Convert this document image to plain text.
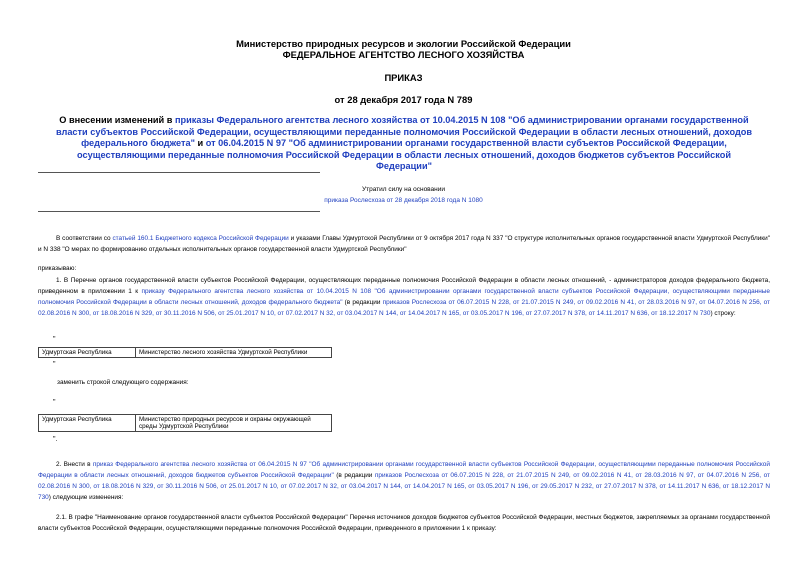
Министерство природных ресурсов и экологии Российской Федерации
ФЕДЕРАЛЬНОЕ АГЕНТСТВО ЛЕСНОГО ХОЗЯЙСТВА
ПРИКАЗ
от 28 декабря 2017 года N 789
О внесении изменений в приказы Федерального агентства лесного хозяйства от 10.04.2015 N 108 "Об администрировании органами государственной власти субъектов Российской Федерации, осуществляющими переданные полномочия Российской Федерации в области лесных отношений, доходов федерального бюджета" и от 06.04.2015 N 97 "Об администрировании органами государственной власти субъектов Российской Федерации, осуществляющими переданные полномочия Российской Федерации в области лесных отношений, доходов бюджетов субъектов Российской Федерации"
Утратил силу на основании
приказа Рослесхоза от 28 декабря 2018 года N 1080
В соответствии со статьей 160.1 Бюджетного кодекса Российской Федерации и указами Главы Удмуртской Республики от 9 октября 2017 года N 337 "О структуре исполнительных органов государственной власти Удмуртской Республики" и N 338 "О мерах по формированию отдельных исполнительных органов государственной власти Удмуртской Республики"
приказываю:
1. В Перечне органов государственной власти субъектов Российской Федерации, осуществляющих переданные полномочия Российской Федерации в области лесных отношений, - администраторов доходов федерального бюджета, приведенном в приложении 1 к приказу Федерального агентства лесного хозяйства от 10.04.2015 N 108 "Об администрировании органами государственной власти субъектов Российской Федерации, осуществляющими переданные полномочия Российской Федерации в области лесных отношений, доходов федерального бюджета" (в редакции приказов Рослесхоза от 06.07.2015 N 228, от 21.07.2015 N 249, от 09.02.2016 N 41, от 28.03.2016 N 97, от 04.07.2016 N 256, от 02.08.2016 N 300, от 18.08.2016 N 329, от 30.11.2016 N 506, от 25.01.2017 N 10, от 07.02.2017 N 32, от 03.04.2017 N 144, от 14.04.2017 N 165, от 03.05.2017 N 196, от 27.07.2017 N 378, от 14.11.2017 N 636, от 18.12.2017 N 730) строку:
"
Удмуртская Республика	Министерство лесного хозяйства Удмуртской Республики
"
заменить строкой следующего содержания:
"
Удмуртская Республика	Министерство природных ресурсов и охраны окружающей среды Удмуртской Республики
".
2. Внести в приказ Федерального агентства лесного хозяйства от 06.04.2015 N 97 "Об администрировании органами государственной власти субъектов Российской Федерации, осуществляющими переданные полномочия Российской Федерации в области лесных отношений, доходов бюджетов субъектов Российской Федерации" (в редакции приказов Рослесхоза от 06.07.2015 N 228, от 21.07.2015 N 249, от 09.02.2016 N 41, от 28.03.2016 N 97, от 04.07.2016 N 256, от 02.08.2016 N 300, от 18.08.2016 N 329, от 30.11.2016 N 506, от 25.01.2017 N 10, от 07.02.2017 N 32, от 03.04.2017 N 144, от 14.04.2017 N 165, от 03.05.2017 N 196, от 29.05.2017 N 232, от 27.07.2017 N 378, от 14.11.2017 N 636, от 18.12.2017 N 730) следующие изменения:
2.1. В графе "Наименование органов государственной власти субъектов Российской Федерации" Перечня источников доходов бюджетов субъектов Российской Федерации, местных бюджетов, закрепляемых за органами государственной власти субъектов Российской Федерации, осуществляющими переданные полномочия Российской Федерации, приведенного в приложении 1 к приказу:
